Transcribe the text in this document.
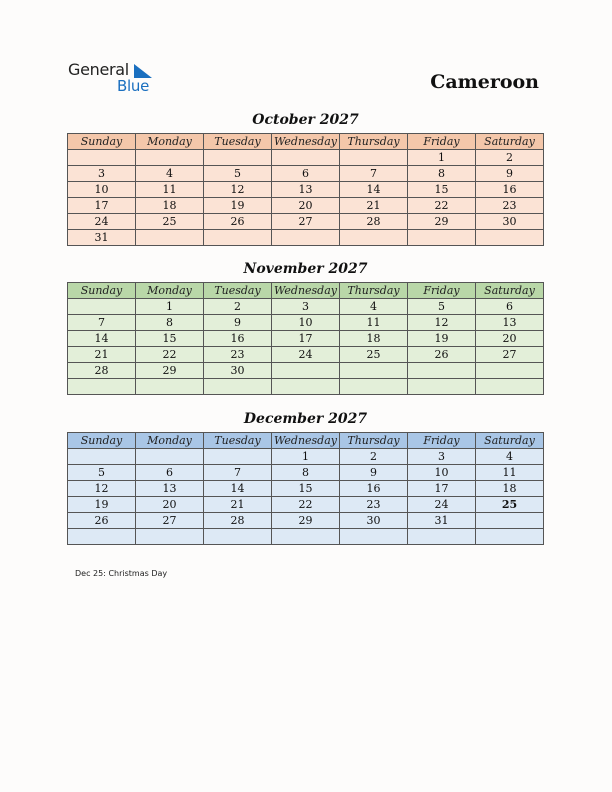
General
Blue	Cameroon
October 2027
Sunday	Monday	Tuesday	Wednesday	Thursday	Friday	Saturday
					1	2
3	4	5	6	7	8	9
10	11	12	13	14	15	16
17	18	19	20	21	22	23
24	25	26	27	28	29	30
31						
November 2027
Sunday	Monday	Tuesday	Wednesday	Thursday	Friday	Saturday
	1	2	3	4	5	6
7	8	9	10	11	12	13
14	15	16	17	18	19	20
21	22	23	24	25	26	27
28	29	30				

December 2027
Sunday	Monday	Tuesday	Wednesday	Thursday	Friday	Saturday
			1	2	3	4
5	6	7	8	9	10	11
12	13	14	15	16	17	18
19	20	21	22	23	24	25
26	27	28	29	30	31	

Dec 25: Christmas Day
